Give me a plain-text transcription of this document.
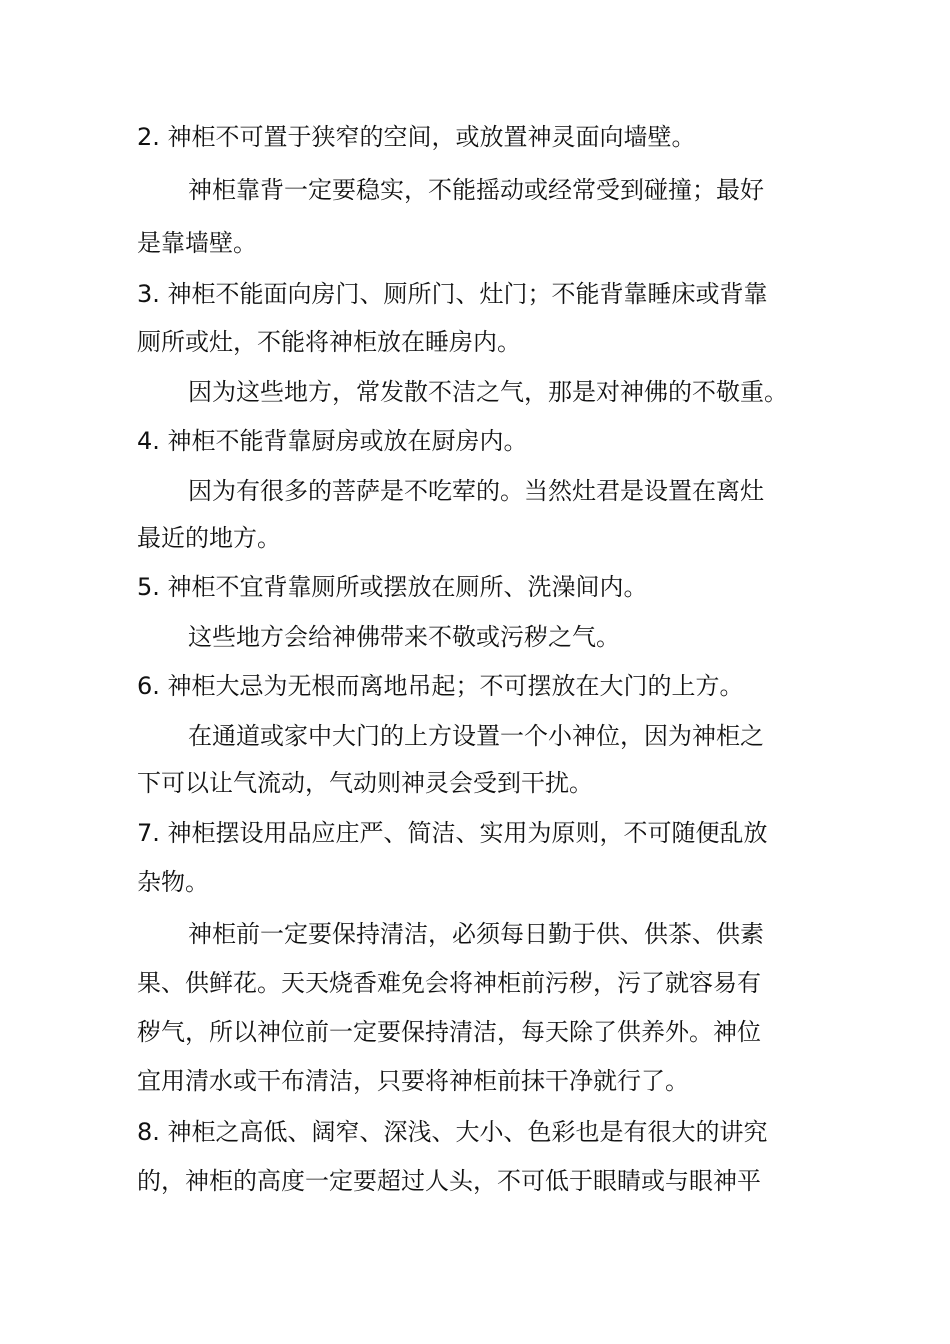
2. 神柜不可置于狭窄的空间，或放置神灵面向墙壁。
神柜靠背一定要稳实，不能摇动或经常受到碰撞；最好
是靠墙壁。
3. 神柜不能面向房门、厕所门、灶门；不能背靠睡床或背靠
厕所或灶，不能将神柜放在睡房内。
因为这些地方，常发散不洁之气，那是对神佛的不敬重。
4. 神柜不能背靠厨房或放在厨房内。
因为有很多的菩萨是不吃荤的。当然灶君是设置在离灶
最近的地方。
5. 神柜不宜背靠厕所或摆放在厕所、洗澡间内。
这些地方会给神佛带来不敬或污秽之气。
6. 神柜大忌为无根而离地吊起；不可摆放在大门的上方。
在通道或家中大门的上方设置一个小神位，因为神柜之
下可以让气流动，气动则神灵会受到干扰。
7. 神柜摆设用品应庄严、简洁、实用为原则，不可随便乱放
杂物。
神柜前一定要保持清洁，必须每日勤于供、供茶、供素
果、供鲜花。天天烧香难免会将神柜前污秽，污了就容易有
秽气，所以神位前一定要保持清洁，每天除了供养外。神位
宜用清水或干布清洁，只要将神柜前抹干净就行了。
8. 神柜之高低、阔窄、深浅、大小、色彩也是有很大的讲究
的，神柜的高度一定要超过人头，不可低于眼睛或与眼神平
